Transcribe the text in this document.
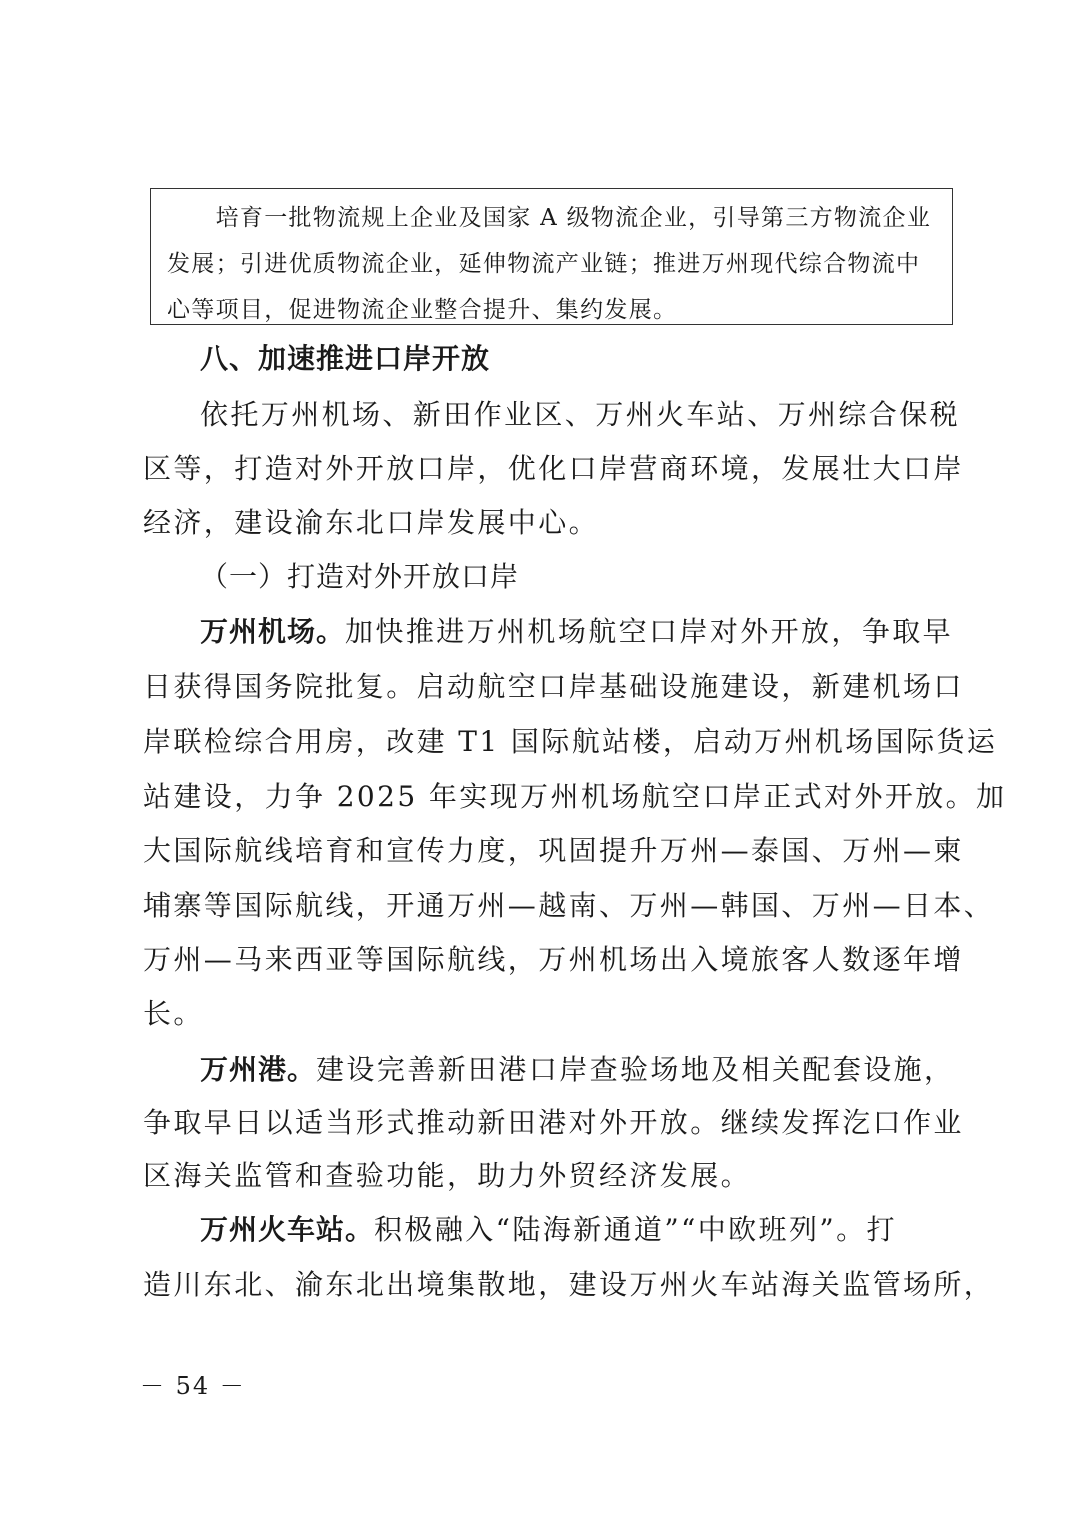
　　培育一批物流规上企业及国家 A 级物流企业，引导第三方物流企业
发展；引进优质物流企业，延伸物流产业链；推进万州现代综合物流中
心等项目，促进物流企业整合提升、集约发展。
八、加速推进口岸开放
依托万州机场、新田作业区、万州火车站、万州综合保税
区等，打造对外开放口岸，优化口岸营商环境，发展壮大口岸
经济，建设渝东北口岸发展中心。
（一）打造对外开放口岸
万州机场。加快推进万州机场航空口岸对外开放，争取早
日获得国务院批复。启动航空口岸基础设施建设，新建机场口
岸联检综合用房，改建 T1 国际航站楼，启动万州机场国际货运
站建设，力争 2025 年实现万州机场航空口岸正式对外开放。加
大国际航线培育和宣传力度，巩固提升万州—泰国、万州—柬
埔寨等国际航线，开通万州—越南、万州—韩国、万州—日本、
万州—马来西亚等国际航线，万州机场出入境旅客人数逐年增
长。
万州港。建设完善新田港口岸查验场地及相关配套设施，
争取早日以适当形式推动新田港对外开放。继续发挥汔口作业
区海关监管和查验功能，助力外贸经济发展。
万州火车站。积极融入“陆海新通道”“中欧班列”。打
造川东北、渝东北出境集散地，建设万州火车站海关监管场所，
－ 54 －
